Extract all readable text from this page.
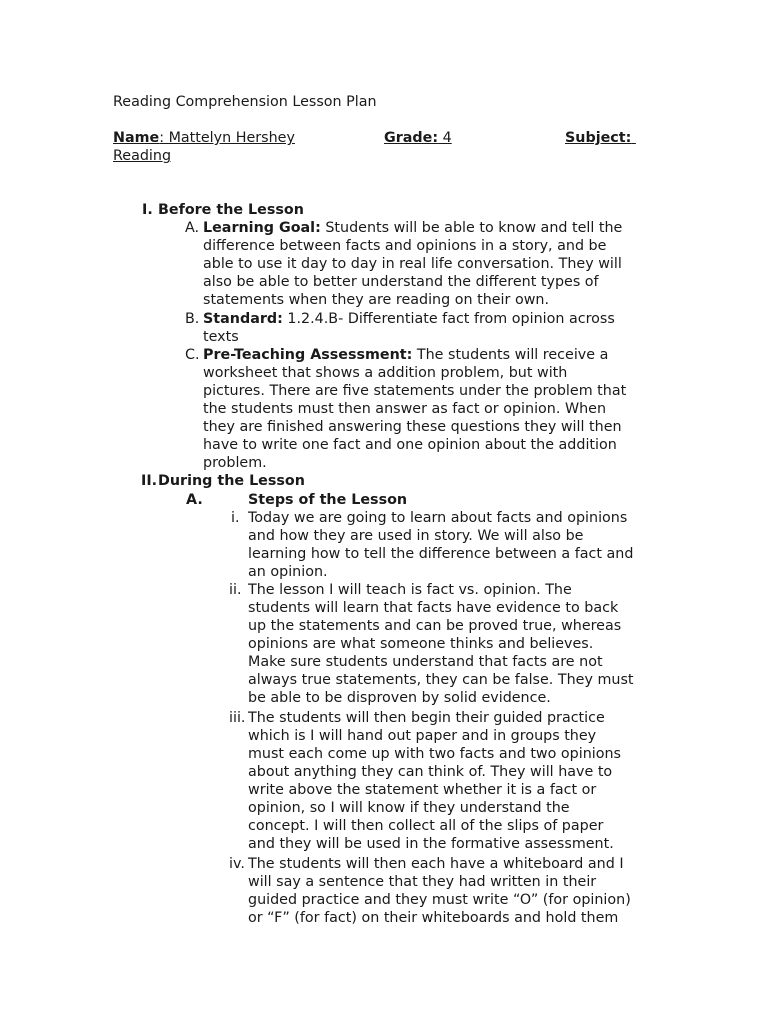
Reading Comprehension Lesson Plan
Name: Mattelyn Hershey	Grade: 4	Subject:
Reading
I. Before the Lesson
A. Learning Goal: Students will be able to know and tell the
difference between facts and opinions in a story, and be
able to use it day to day in real life conversation. They will
also be able to better understand the different types of
statements when they are reading on their own.
B. Standard: 1.2.4.B- Differentiate fact from opinion across
texts
C. Pre-Teaching Assessment: The students will receive a
worksheet that shows a addition problem, but with
pictures. There are five statements under the problem that
the students must then answer as fact or opinion. When
they are finished answering these questions they will then
have to write one fact and one opinion about the addition
problem.
II. During the Lesson
A.	Steps of the Lesson
i. Today we are going to learn about facts and opinions
and how they are used in story. We will also be
learning how to tell the difference between a fact and
an opinion.
ii. The lesson I will teach is fact vs. opinion. The
students will learn that facts have evidence to back
up the statements and can be proved true, whereas
opinions are what someone thinks and believes.
Make sure students understand that facts are not
always true statements, they can be false. They must
be able to be disproven by solid evidence.
iii. The students will then begin their guided practice
which is I will hand out paper and in groups they
must each come up with two facts and two opinions
about anything they can think of. They will have to
write above the statement whether it is a fact or
opinion, so I will know if they understand the
concept. I will then collect all of the slips of paper
and they will be used in the formative assessment.
iv. The students will then each have a whiteboard and I
will say a sentence that they had written in their
guided practice and they must write “O” (for opinion)
or “F” (for fact) on their whiteboards and hold them
